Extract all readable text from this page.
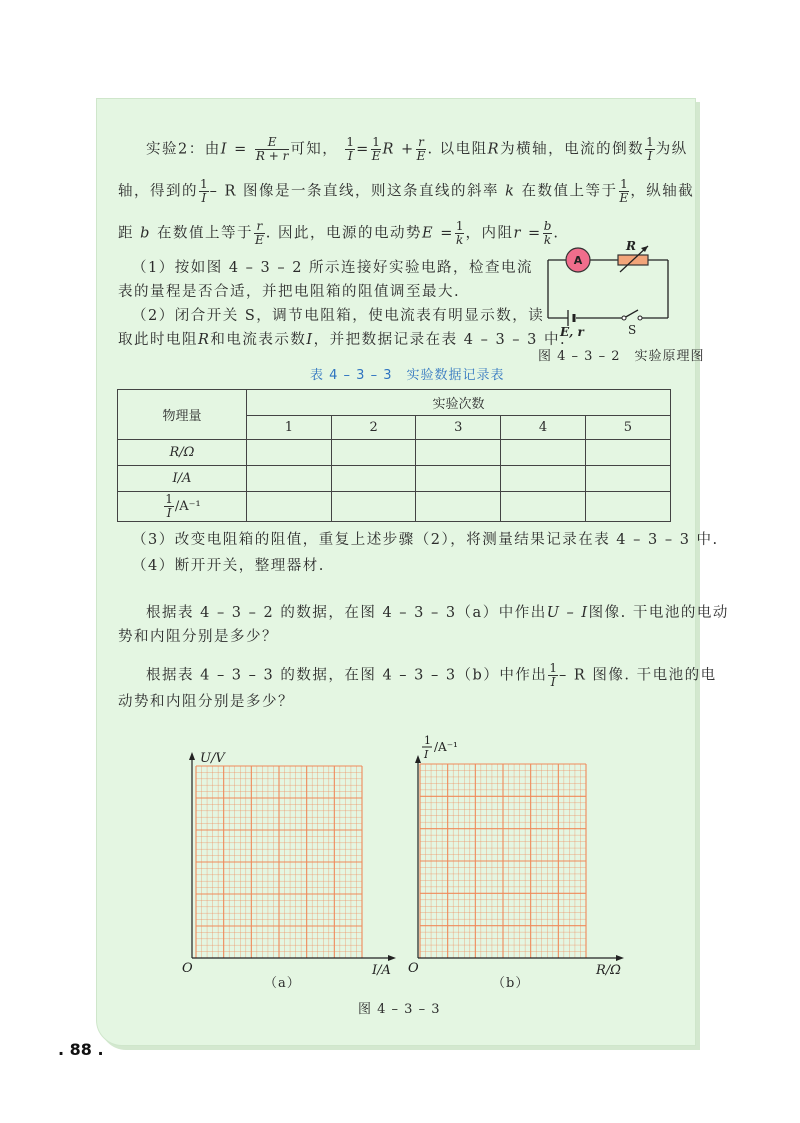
实验2：由$I = \frac{E}{R + r}$ 可知， $\frac{1}{I} = \frac{1}{E}$ $R + \frac{r}{E}$ . 以电阻R为横轴，电流的倒数 $\frac{1}{I}$ 为纵
轴，得到的 $\frac{1}{I}$ – R 图像是一条直线，则这条直线的斜率 k 在数值上等于 $\frac{1}{E}$ ，纵轴截
距 b 在数值上等于 $\frac{r}{E}$ . 因此，电源的电动势$E = \frac{1}{k}$ ，内阻$r = \frac{b}{k}$ .
（1）按如图 4 – 3 – 2 所示连接好实验电路，检查电流
表的量程是否合适，并把电阻箱的阻值调至最大.
（2）闭合开关 S，调节电阻箱，使电流表有明显示数，读
取此时电阻R和电流表示数I，并把数据记录在表 4 – 3 – 3 中.
A
R
E, r	S
图 4 – 3 – 2　实验原理图
表 4 – 3 – 3　实验数据记录表
物理量	实验次数				
	1	2	3	4	5
R/Ω					
I/A					

$\frac{1}{I} /A^{-1}$					
（3）改变电阻箱的阻值，重复上述步骤（2），将测量结果记录在表 4 – 3 – 3 中.
（4）断开开关，整理器材.
根据表 4 – 3 – 2 的数据，在图 4 – 3 – 3（a）中作出U – I图像. 干电池的电动
势和内阻分别是多少？
根据表 4 – 3 – 3 的数据，在图 4 – 3 – 3（b）中作出 $\frac{1}{I}$ – R 图像. 干电池的电
动势和内阻分别是多少？
U/V
O	I/A
（a）
1
I
/A⁻¹
O	R/Ω
（b）
图 4 – 3 – 3
. 88 .
